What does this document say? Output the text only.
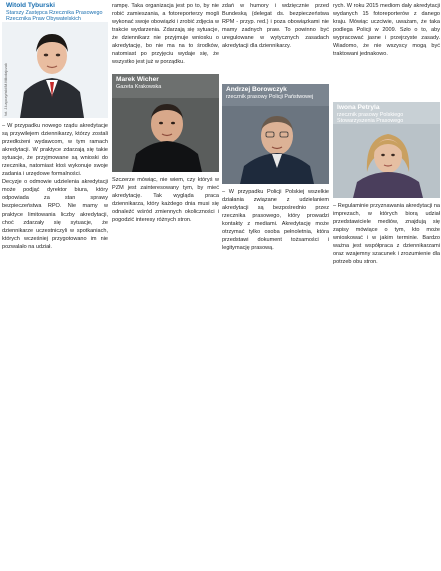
Witold Tyburski
Starszy Zastępca Rzecznika Prasowego Rzecznika Praw Obywatelskich
fot. J.Łapczyński/M.Mikołajczak

– W przypadku nowego rządu akredytacje są przywilejem dziennikarzy, którzy zostali przedłożeni wydawcom, w tym ramach akredytacji. W praktyce zdarzają się takie sytuacje, że przyjmowane są wnioski do rzecznika, natomiast ktoś wykonuje swoje zadania i urzędowe formalności.

Decyzje o odmowie udzielenia akredytacji może podjąć dyrektor biura, który odpowiada za stan sprawy bezpieczeństwa RPO. Nie mamy w praktyce limitowania liczby akredytacji, choć zdarzały się sytuacje, że dziennikarze uczestniczyli w spotkaniach, których wcześniej przygotowano im nie pozwalało na udział.

rampę. Taka organizacja jest po to, by nie robić zamieszania, a fotoreporterzy mogli wykonać swoje obowiązki i zrobić zdjęcia w trakcie wydarzenia. Zdarzają się sytuacje, że dziennikarz nie przyjmuje wniosku o akredytację, bo nie ma na to środków, natomiast po przyjęciu wydaje się, że wszystko jest już w porządku.

Marek Wicher
Gazeta Krakowska

Szczerze mówiąc, nie wiem, czy któryś w PZM jest zainteresowany tym, by mieć akredytację. Tak wygląda praca dziennikarza, który każdego dnia musi się odnaleźć wśród zmiennych okoliczności i pogodzić interesy różnych stron.

zdań w humory i wdzięcznie przed Bundeską (delegat ds. bezpieczeństwa RPM - przyp. red.) i poza obowiązkami nie mamy zadnych praw. To powinno być uregulowane w wytycznych zasadach akredytacji dla dziennikarzy.

Andrzej Borowczyk
rzecznik prasowy Policji Państwowej

– W przypadku Policji Polskiej wszelkie działania związane z udzielaniem akredytacji są bezpośrednio przez rzecznika prasowego, który prowadzi kontakty z mediami. Akredytację może otrzymać tylko osoba pełnoletnia, która przedstawi dokument tożsamości i legitymację prasową.

rych. W roku 2015 mediom dały akredytacji wydanych 15 fotoreporterów z danego kraju. Mówiąc uczciwie, uważam, że taka podlega Policji w 2009. Szło o to, aby wypracować jasne i przejrzyste zasady. Wiadomo, że nie wszyscy mogą być traktowani jednakowo.

Iwona Petryla
rzecznik prasowy Polskiego Stowarzyszenia Prasowego

– Regulaminie przyznawania akredytacji na imprezach, w których biorą udział przedstawiciele mediów, znajdują się zapisy mówiące o tym, kto może wnioskować i w jakim terminie. Bardzo ważna jest współpraca z dziennikarzami oraz wzajemny szacunek i zrozumienie dla potrzeb obu stron.
